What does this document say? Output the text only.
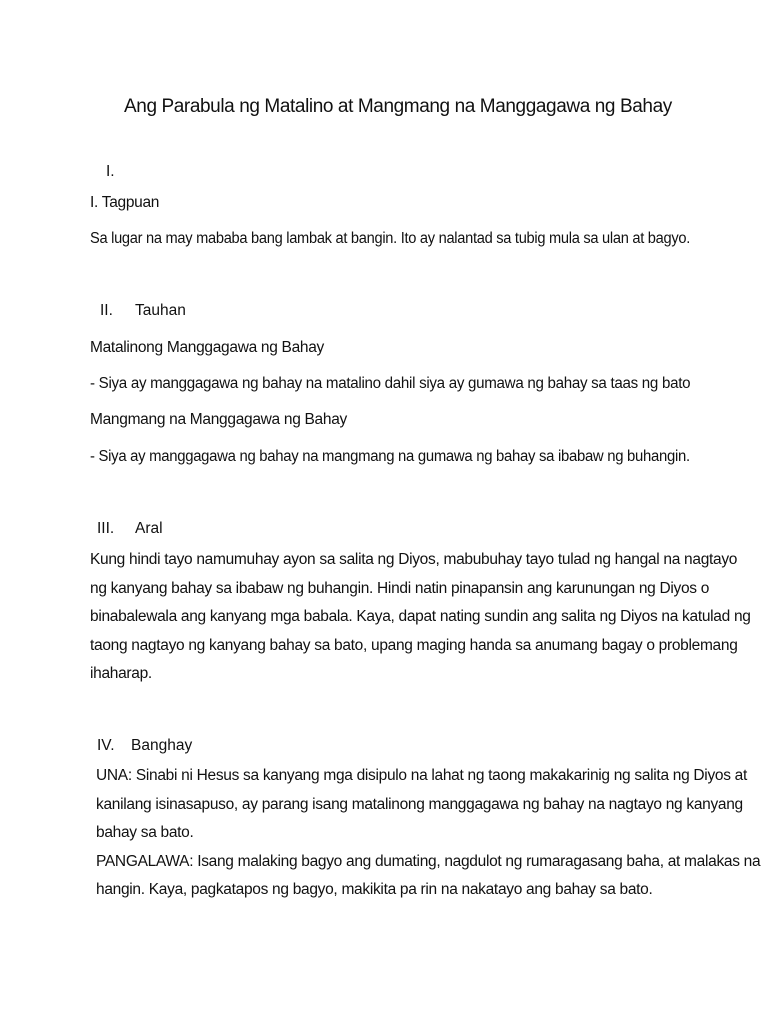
Ang Parabula ng Matalino at Mangmang na Manggagawa ng Bahay
I.
I. Tagpuan
Sa lugar na may mababa bang lambak at bangin. Ito ay nalantad sa tubig mula sa ulan at bagyo.
II. Tauhan
Matalinong Manggagawa ng Bahay
- Siya ay manggagawa ng bahay na matalino dahil siya ay gumawa ng bahay sa taas ng bato
Mangmang na Manggagawa ng Bahay
- Siya ay manggagawa ng bahay na mangmang na gumawa ng bahay sa ibabaw ng buhangin.
III. Aral

Kung hindi tayo namumuhay ayon sa salita ng Diyos, mabubuhay tayo tulad ng hangal na nagtayo

ng kanyang bahay sa ibabaw ng buhangin. Hindi natin pinapansin ang karunungan ng Diyos o

binabalewala ang kanyang mga babala. Kaya, dapat nating sundin ang salita ng Diyos na katulad ng

taong nagtayo ng kanyang bahay sa bato, upang maging handa sa anumang bagay o problemang

ihaharap.

IV. Banghay

UNA: Sinabi ni Hesus sa kanyang mga disipulo na lahat ng taong makakarinig ng salita ng Diyos at

kanilang isinasapuso, ay parang isang matalinong manggagawa ng bahay na nagtayo ng kanyang

bahay sa bato.

PANGALAWA: Isang malaking bagyo ang dumating, nagdulot ng rumaragasang baha, at malakas na

hangin. Kaya, pagkatapos ng bagyo, makikita pa rin na nakatayo ang bahay sa bato.
